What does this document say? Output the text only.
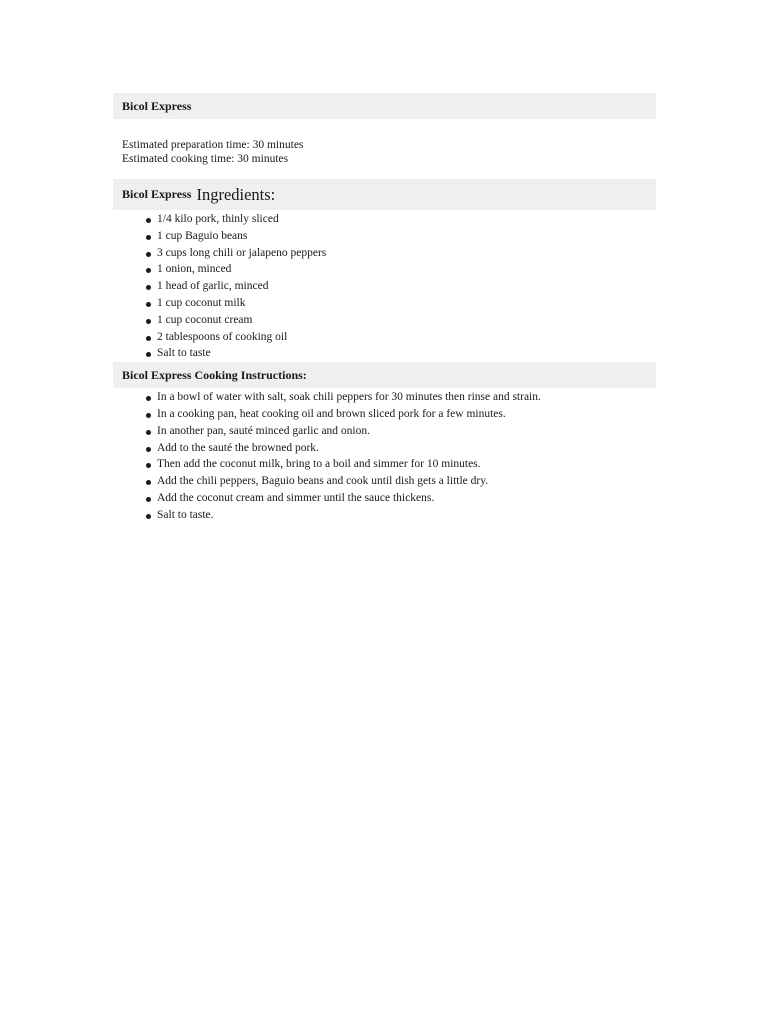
Bicol Express
Estimated preparation time: 30 minutes
Estimated cooking time: 30 minutes
Bicol Express Ingredients:
1/4 kilo pork, thinly sliced
1 cup Baguio beans
3 cups long chili or jalapeno peppers
1 onion, minced
1 head of garlic, minced
1 cup coconut milk
1 cup coconut cream
2 tablespoons of cooking oil
Salt to taste
Bicol Express Cooking Instructions:
In a bowl of water with salt, soak chili peppers for 30 minutes then rinse and strain.
In a cooking pan, heat cooking oil and brown sliced pork for a few minutes.
In another pan, sauté minced garlic and onion.
Add to the sauté the browned pork.
Then add the coconut milk, bring to a boil and simmer for 10 minutes.
Add the chili peppers, Baguio beans and cook until dish gets a little dry.
Add the coconut cream and simmer until the sauce thickens.
Salt to taste.
